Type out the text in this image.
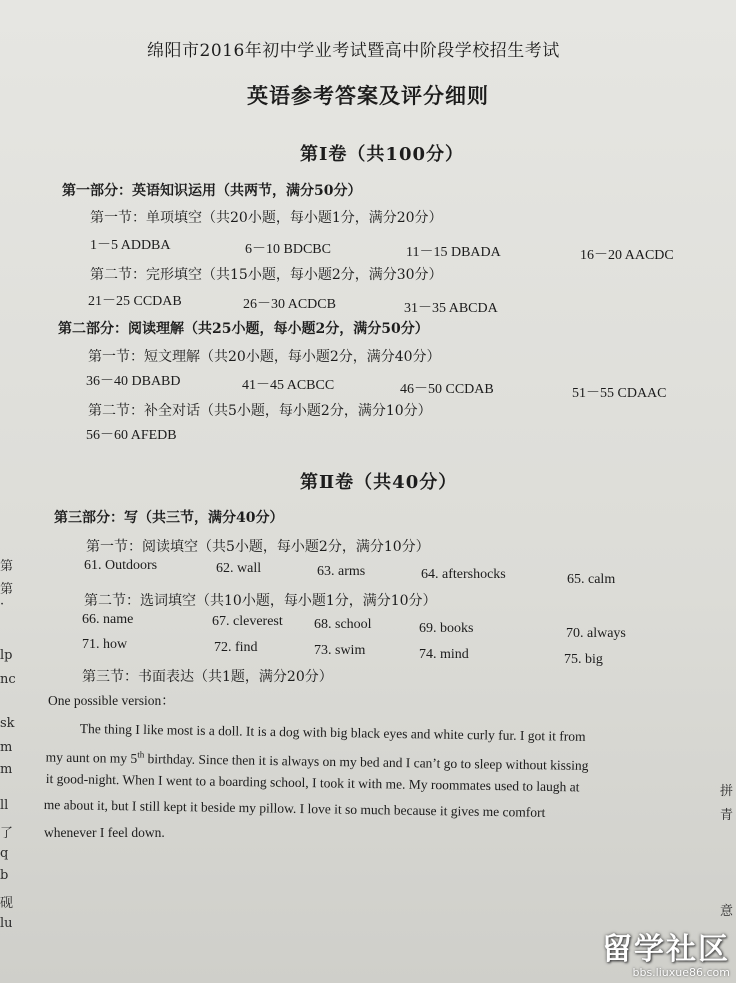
绵阳市2016年初中学业考试暨高中阶段学校招生考试
英语参考答案及评分细则
第Ⅰ卷（共100分）
第一部分：英语知识运用（共两节，满分50分）
第一节：单项填空（共20小题，每小题1分，满分20分）
1－5 ADDBA	6－10 BDCBC	11－15 DBADA	16－20 AACDC
第二节：完形填空（共15小题，每小题2分，满分30分）
21－25 CCDAB	26－30 ACDCB	31－35 ABCDA
第二部分：阅读理解（共25小题，每小题2分，满分50分）
第一节：短文理解（共20小题，每小题2分，满分40分）
36－40 DBABD	41－45 ACBCC	46－50 CCDAB	51－55 CDAAC
第二节：补全对话（共5小题，每小题2分，满分10分）
56－60 AFEDB
第Ⅱ卷（共40分）
第三部分：写（共三节，满分40分）
第一节：阅读填空（共5小题，每小题2分，满分10分）
61. Outdoors	62. wall	63. arms	64. aftershocks	65. calm
第二节：选词填空（共10小题，每小题1分，满分10分）
66. name	67. cleverest 68. school	69. books	70. always
71. how	72. find	73. swim	74. mind	75. big
第三节：书面表达（共1题，满分20分）
One possible version：
The thing I like most is a doll. It is a dog with big black eyes and white curly fur. I got it from
my aunt on my 5th birthday. Since then it is always on my bed and I can’t go to sleep without kissing
it good-night. When I went to a boarding school, I took it with me. My roommates used to laugh at
me about it, but I still kept it beside my pillow. I love it so much because it gives me comfort
whenever I feel down.
第
第·
lp
nc
sk
m
m
ll
了
q
b
砚
lu
拼
青
意
留学社区
bbs.liuxue86.com
